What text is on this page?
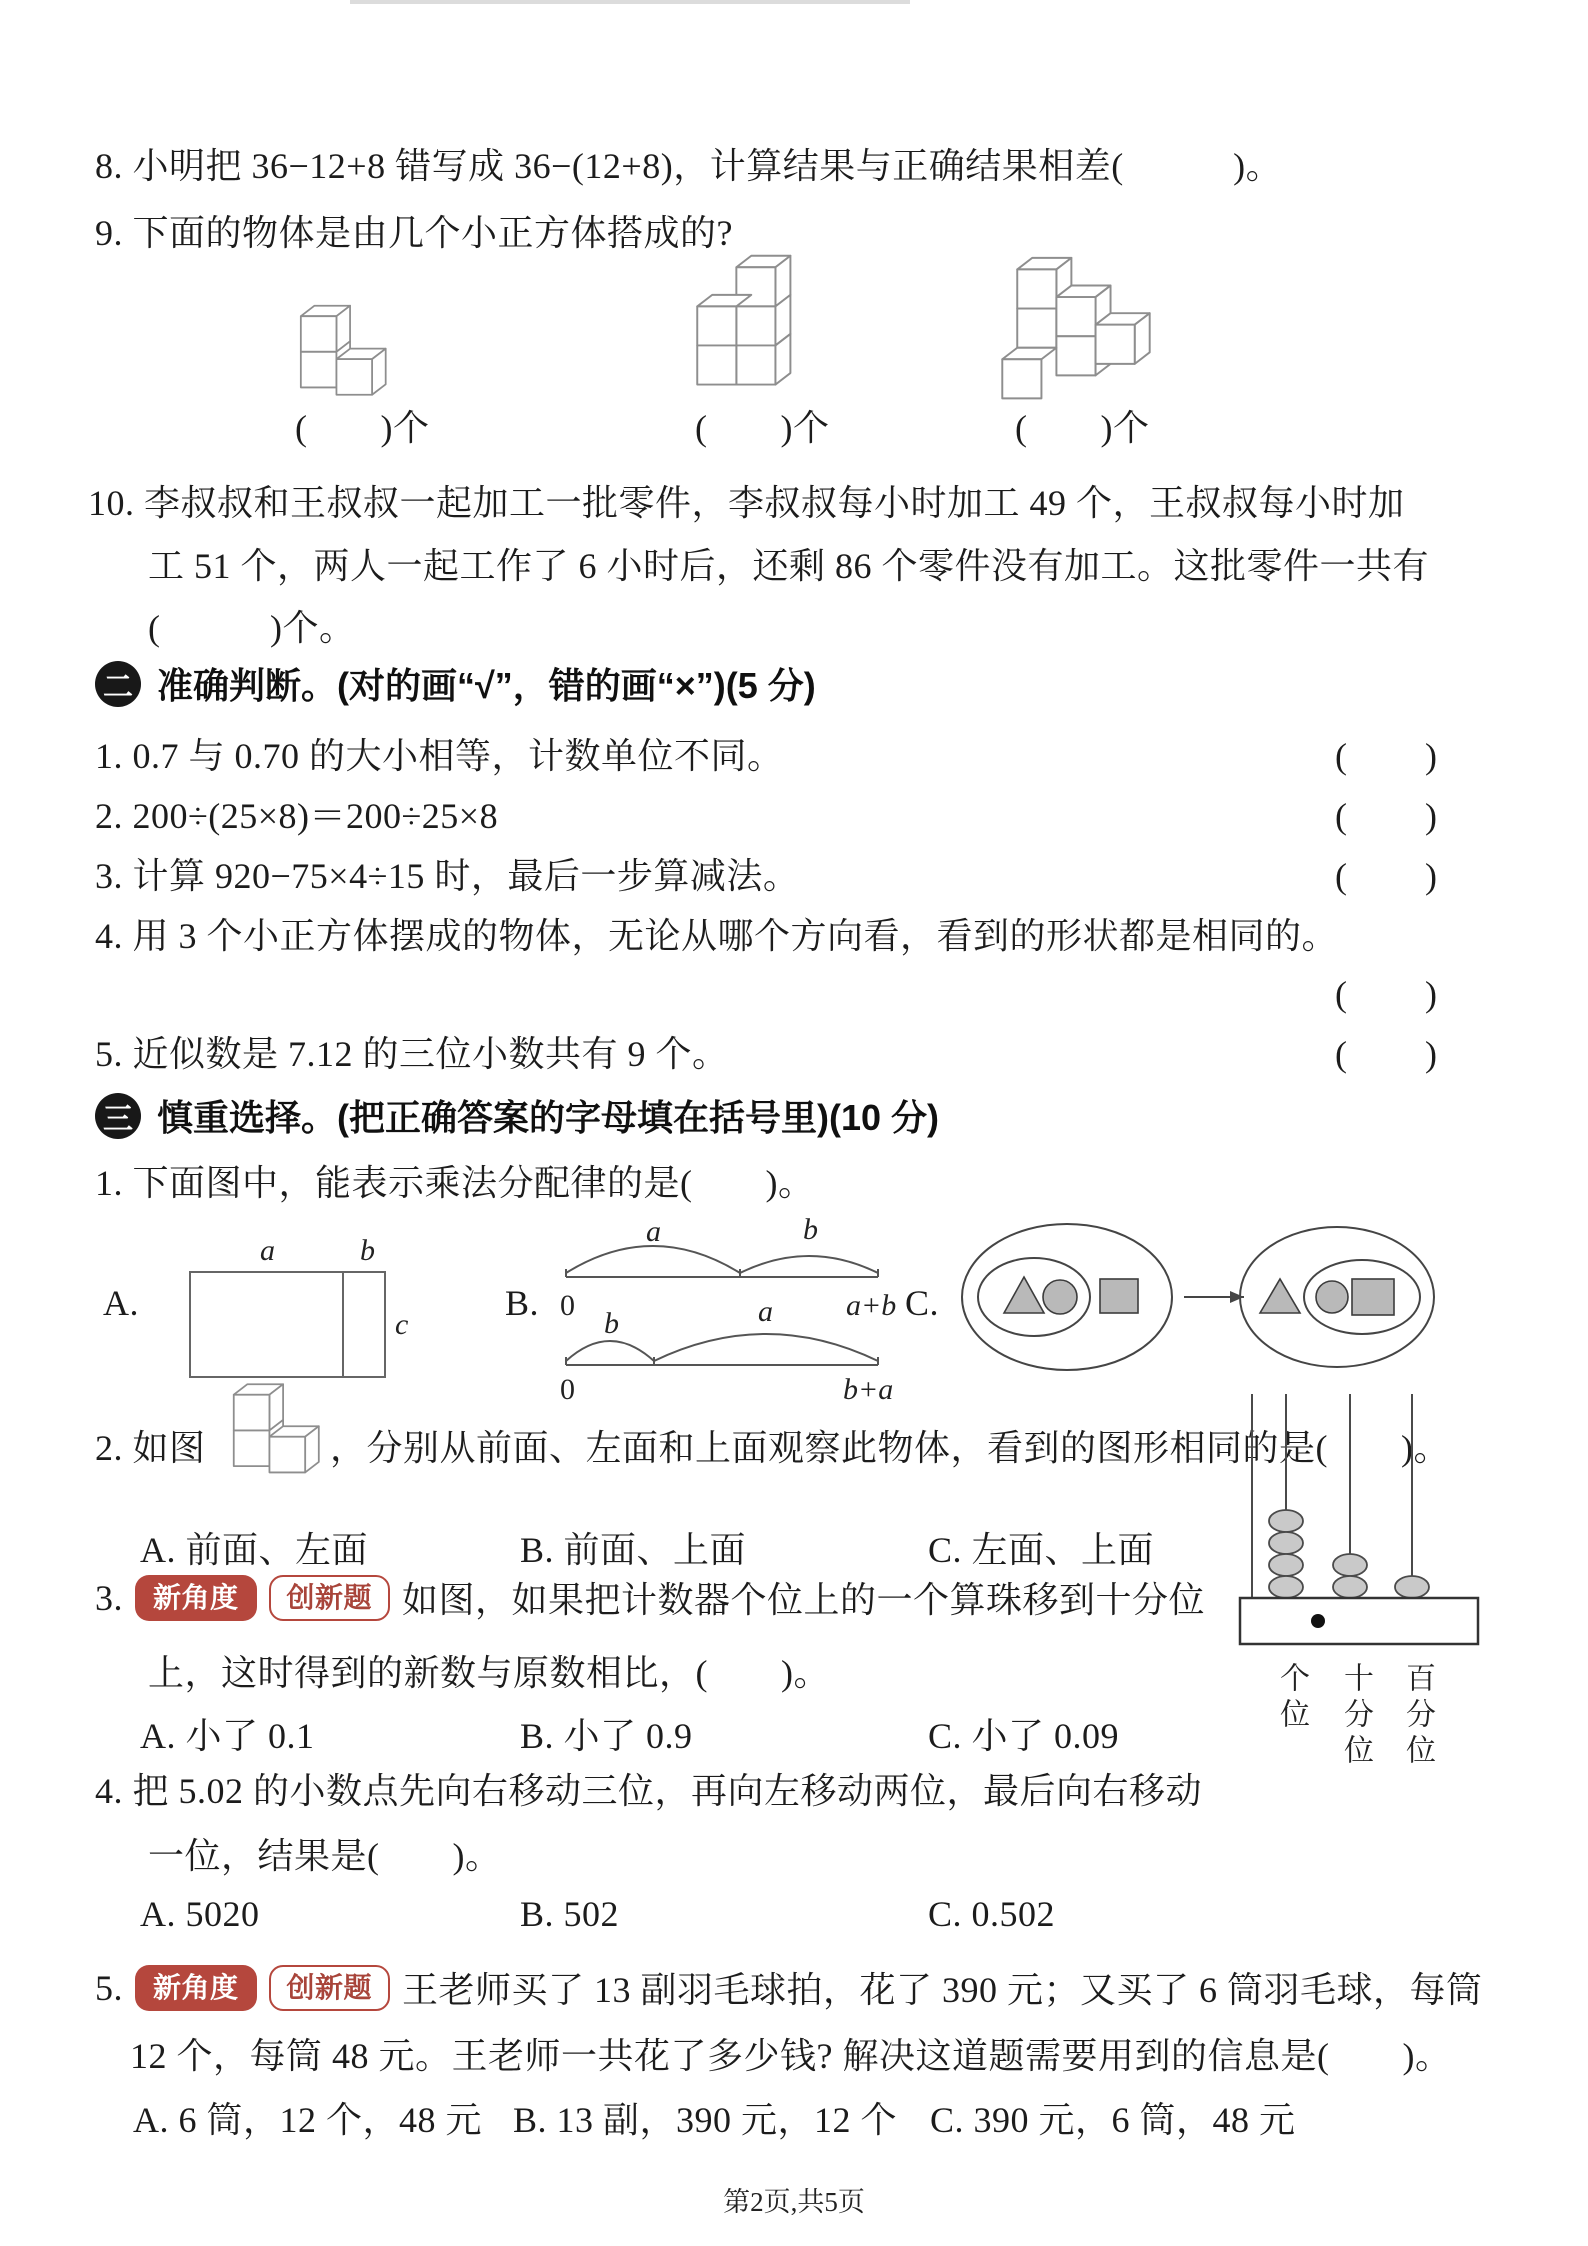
8. 小明把 36−12+8 错写成 36−(12+8)，计算结果与正确结果相差(　　　)。
9. 下面的物体是由几个小正方体搭成的?
(　　)个	(　　)个	(　　)个
10. 李叔叔和王叔叔一起加工一批零件，李叔叔每小时加工 49 个，王叔叔每小时加
工 51 个，两人一起工作了 6 小时后，还剩 86 个零件没有加工。这批零件一共有
(　　　)个。
二 准确判断。(对的画“√”，错的画“×”)(5 分)
1. 0.7 与 0.70 的大小相等，计数单位不同。	(　　)
2. 200÷(25×8)＝200÷25×8	(　　)
3. 计算 920−75×4÷15 时，最后一步算减法。	(　　)
4. 用 3 个小正方体摆成的物体，无论从哪个方向看，看到的形状都是相同的。
(　　)
5. 近似数是 7.12 的三位小数共有 9 个。	(　　)
三 慎重选择。(把正确答案的字母填在括号里)(10 分)
1. 下面图中，能表示乘法分配律的是(　　)。
A.
a	b
c
B.
a	b
0	a+b
b	a
0	b+a
C.
2. 如图	，分别从前面、左面和上面观察此物体，看到的图形相同的是(　　)。
A. 前面、左面	B. 前面、上面	C. 左面、上面
3.	新角度	创新题 如图，如果把计数器个位上的一个算珠移到十分位
上，这时得到的新数与原数相比，(　　)。
A. 小了 0.1	B. 小了 0.9	C. 小了 0.09
个位 十分位 百分位
4. 把 5.02 的小数点先向右移动三位，再向左移动两位，最后向右移动
一位，结果是(　　)。
A. 5020	B. 502	C. 0.502
5.	新角度	创新题 王老师买了 13 副羽毛球拍，花了 390 元；又买了 6 筒羽毛球，每筒
12 个，每筒 48 元。王老师一共花了多少钱? 解决这道题需要用到的信息是(　　)。
A. 6 筒，12 个，48 元 B. 13 副，390 元，12 个 C. 390 元，6 筒，48 元
第2页,共5页
